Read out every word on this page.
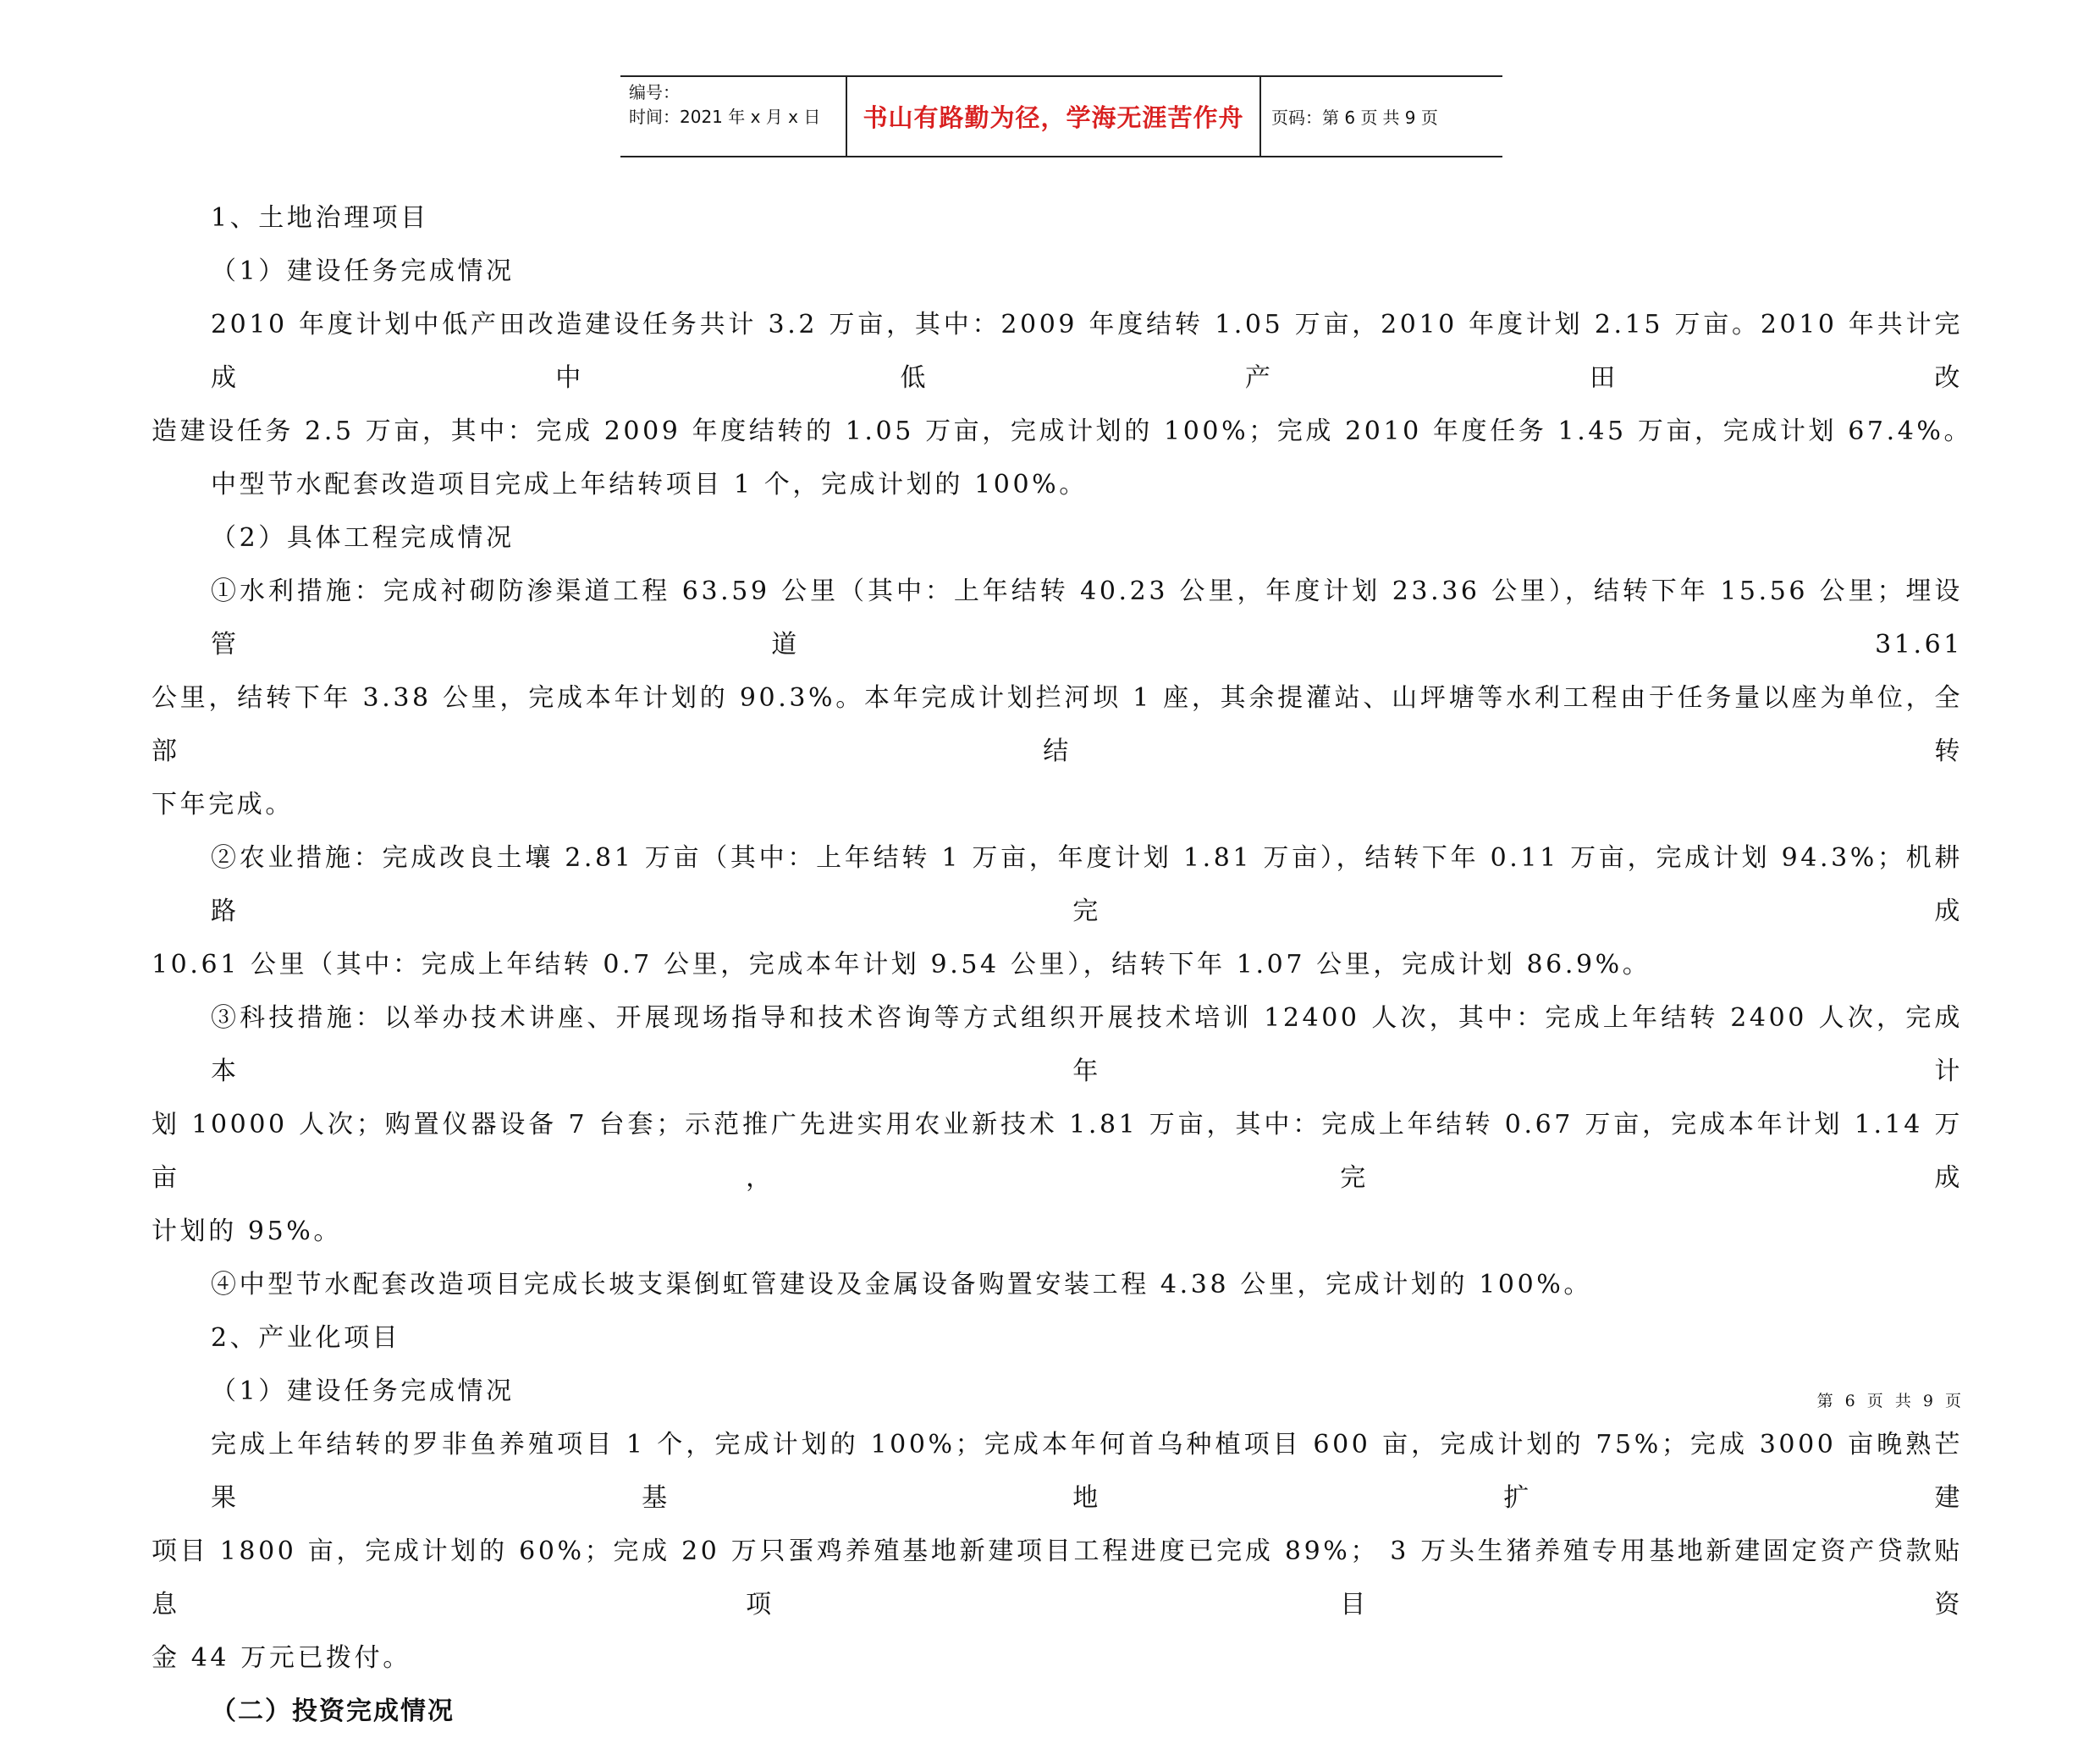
编号：
时间：2021 年 x 月 x 日	书山有路勤为径，学海无涯苦作舟	页码：第 6 页 共 9 页
1、土地治理项目
（1）建设任务完成情况
2010 年度计划中低产田改造建设任务共计 3.2 万亩，其中：2009 年度结转 1.05 万亩，2010 年度计划 2.15 万亩。2010 年共计完成中低产田改
造建设任务 2.5 万亩，其中：完成 2009 年度结转的 1.05 万亩，完成计划的 100%；完成 2010 年度任务 1.45 万亩，完成计划 67.4%。
中型节水配套改造项目完成上年结转项目 1 个，完成计划的 100%。
（2）具体工程完成情况
①水利措施：完成衬砌防渗渠道工程 63.59 公里（其中：上年结转 40.23 公里，年度计划 23.36 公里），结转下年 15.56 公里；埋设管道 31.61
公里，结转下年 3.38 公里，完成本年计划的 90.3%。本年完成计划拦河坝 1 座，其余提灌站、山坪塘等水利工程由于任务量以座为单位，全部结转
下年完成。
②农业措施：完成改良土壤 2.81 万亩（其中：上年结转 1 万亩，年度计划 1.81 万亩），结转下年 0.11 万亩，完成计划 94.3%；机耕路完成
10.61 公里（其中：完成上年结转 0.7 公里，完成本年计划 9.54 公里），结转下年 1.07 公里，完成计划 86.9%。
③科技措施：以举办技术讲座、开展现场指导和技术咨询等方式组织开展技术培训 12400 人次，其中：完成上年结转 2400 人次，完成本年计
划 10000 人次；购置仪器设备 7 台套；示范推广先进实用农业新技术 1.81 万亩，其中：完成上年结转 0.67 万亩，完成本年计划 1.14 万亩，完成
计划的 95%。
④中型节水配套改造项目完成长坡支渠倒虹管建设及金属设备购置安装工程 4.38 公里，完成计划的 100%。
2、产业化项目
（1）建设任务完成情况
完成上年结转的罗非鱼养殖项目 1 个，完成计划的 100%；完成本年何首乌种植项目 600 亩，完成计划的 75%；完成 3000 亩晚熟芒果基地扩建
项目 1800 亩，完成计划的 60%；完成 20 万只蛋鸡养殖基地新建项目工程进度已完成 89%； 3 万头生猪养殖专用基地新建固定资产贷款贴息项目资
金 44 万元已拨付。
（二）投资完成情况
第 6 页 共 9 页
